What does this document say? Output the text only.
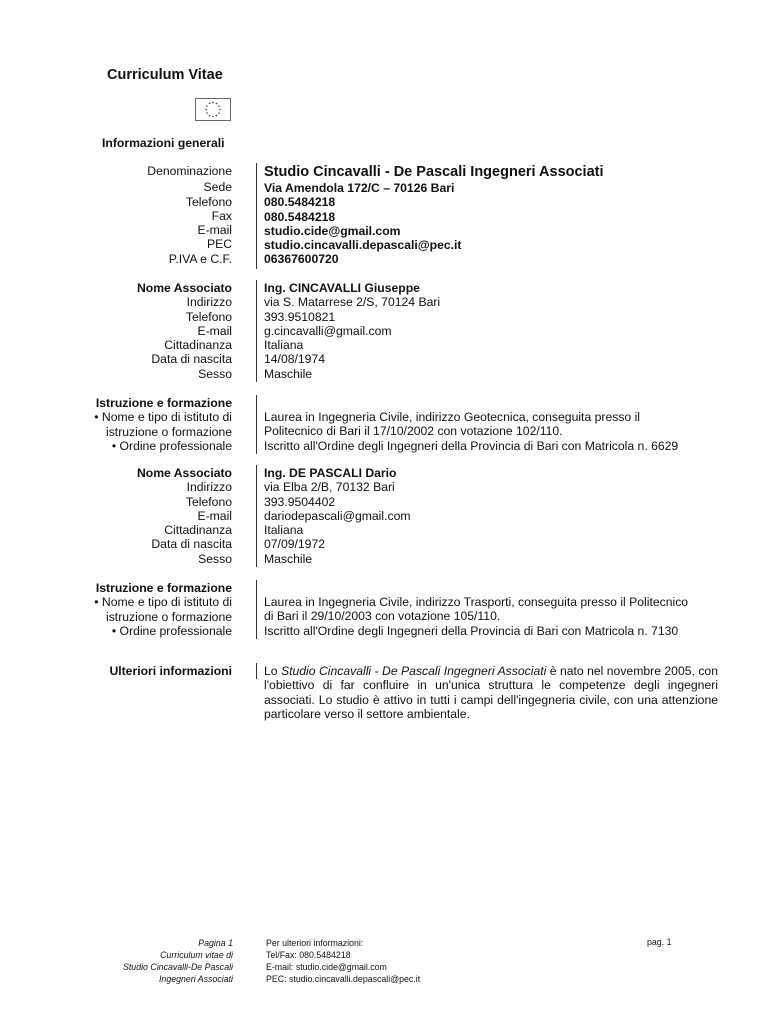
Curriculum Vitae
Informazioni generali
Denominazione
Sede
Telefono
Fax
E-mail
PEC
P.IVA e C.F.
Studio Cincavalli - De Pascali Ingegneri Associati
Via Amendola 172/C – 70126 Bari
080.5484218
080.5484218
studio.cide@gmail.com
studio.cincavalli.depascali@pec.it
06367600720
Nome Associato
Indirizzo
Telefono
E-mail
Cittadinanza
Data di nascita
Sesso
Ing. CINCAVALLI Giuseppe
via S. Matarrese 2/S, 70124 Bari
393.9510821
g.cincavalli@gmail.com
Italiana
14/08/1974
Maschile
Istruzione e formazione
• Nome e tipo di istituto di
istruzione o formazione
• Ordine professionale
Laurea in Ingegneria Civile, indirizzo Geotecnica, conseguita presso il
Politecnico di Bari il 17/10/2002 con votazione 102/110.
Iscritto all'Ordine degli Ingegneri della Provincia di Bari con Matricola n. 6629
Nome Associato
Indirizzo
Telefono
E-mail
Cittadinanza
Data di nascita
Sesso
Ing. DE PASCALI Dario
via Elba 2/B, 70132 Bari
393.9504402
dariodepascali@gmail.com
Italiana
07/09/1972
Maschile
Istruzione e formazione
• Nome e tipo di istituto di
istruzione o formazione
• Ordine professionale
Laurea in Ingegneria Civile, indirizzo Trasporti, conseguita presso il Politecnico
di Bari il 29/10/2003 con votazione 105/110.
Iscritto all'Ordine degli Ingegneri della Provincia di Bari con Matricola n. 7130
Ulteriori informazioni	Lo Studio Cincavalli - De Pascali Ingegneri Associati è nato nel novembre 2005, con l'obiettivo di far confluire in un'unica struttura le competenze degli ingegneri associati. Lo studio è attivo in tutti i campi dell'ingegneria civile, con una attenzione particolare verso il settore ambientale.
Pagina 1
Curriculum vitae di
Studio Cincavalli-De Pascali
Ingegneri Associati
Per ulteriori informazioni:
Tel/Fax: 080.5484218
E-mail: studio.cide@gmail.com
PEC: studio.cincavalli.depascali@pec.it
pag. 1
